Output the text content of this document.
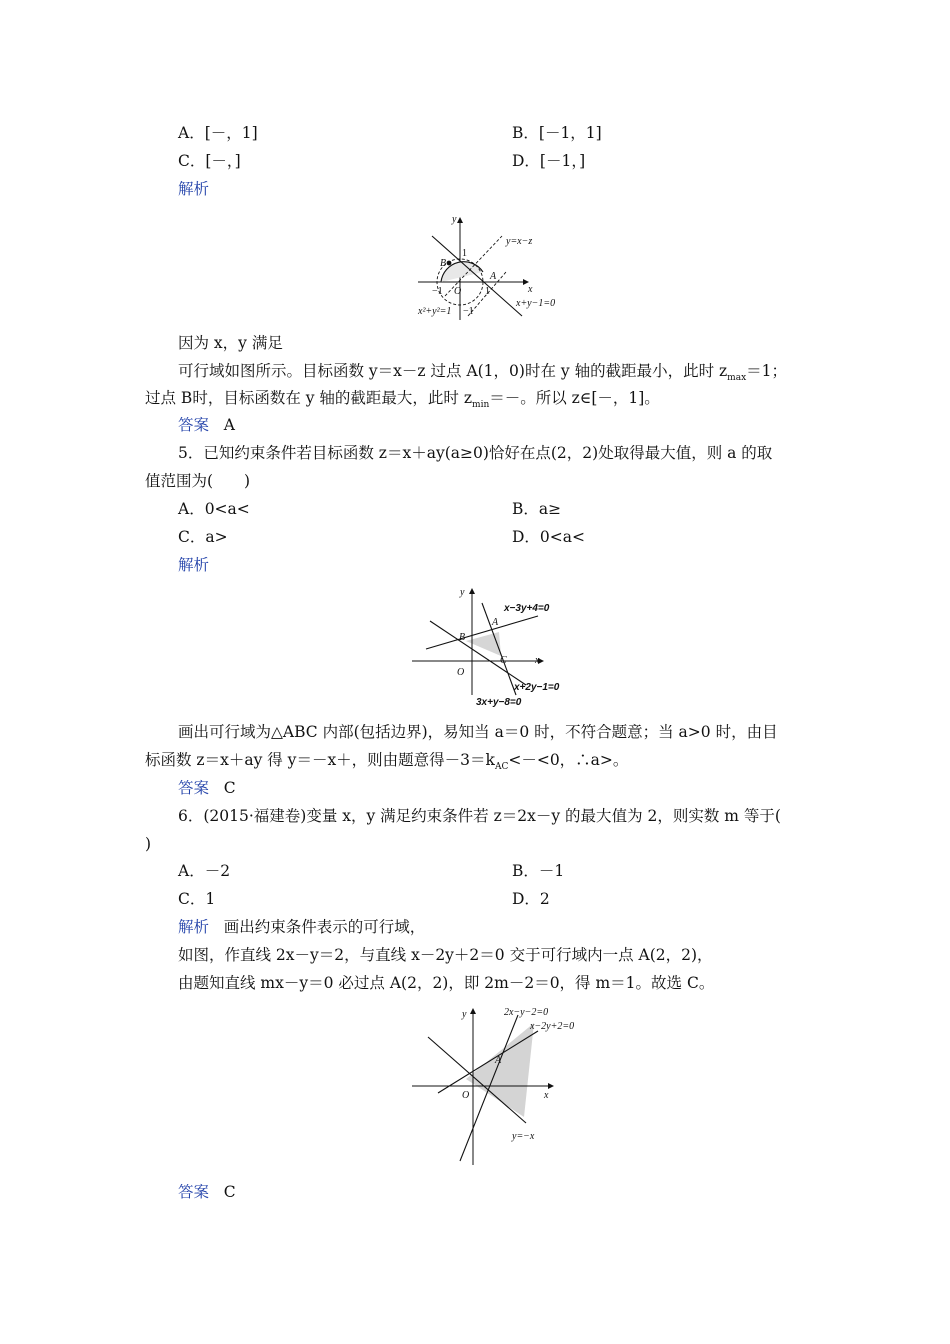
A．[－，1]	B．[－1，1]
C．[－，]	D．[－1，]
解析
y
x
B
A
O
1
1
−1
−1
y=x−z
x+y−1=0
x²+y²=1
因为 x，y 满足
可行域如图所示。目标函数 y＝x－z 过点 A(1，0)时在 y 轴的截距最小，此时 $z_{max}=1$；
过点 B时，目标函数在 y 轴的截距最大，此时 $z_{min}=-$。所以 z∈[－，1]。
答案 A
5．已知约束条件若目标函数 z＝x＋ay(a≥0)恰好在点(2，2)处取得最大值，则 a 的取
值范围为(　　)
A．0<a<	B．a≥
C．a>	D．0<a<
解析
y
x
O
A
B
C
x−3y+4=0
x+2y−1=0
3x+y−8=0
画出可行域为△ABC 内部(包括边界)，易知当 a＝0 时，不符合题意；当 a>0 时，由目
标函数 z＝x＋ay 得 y＝－x＋，则由题意得$-3=k_{AC}<-<0$，∴a>。
答案 C
6．(2015·福建卷)变量 x，y 满足约束条件若 z＝2x－y 的最大值为 2，则实数 m 等于(
)
A．－2	B．－1
C．1	D．2
解析 画出约束条件表示的可行域，
如图，作直线 2x－y＝2，与直线 x－2y＋2＝0 交于可行域内一点 A(2，2)，
由题知直线 mx－y＝0 必过点 A(2，2)，即 2m－2＝0，得 m＝1。故选 C。
y
x
O
A
2x−y−2=0
x−2y+2=0
y=−x
答案 C
